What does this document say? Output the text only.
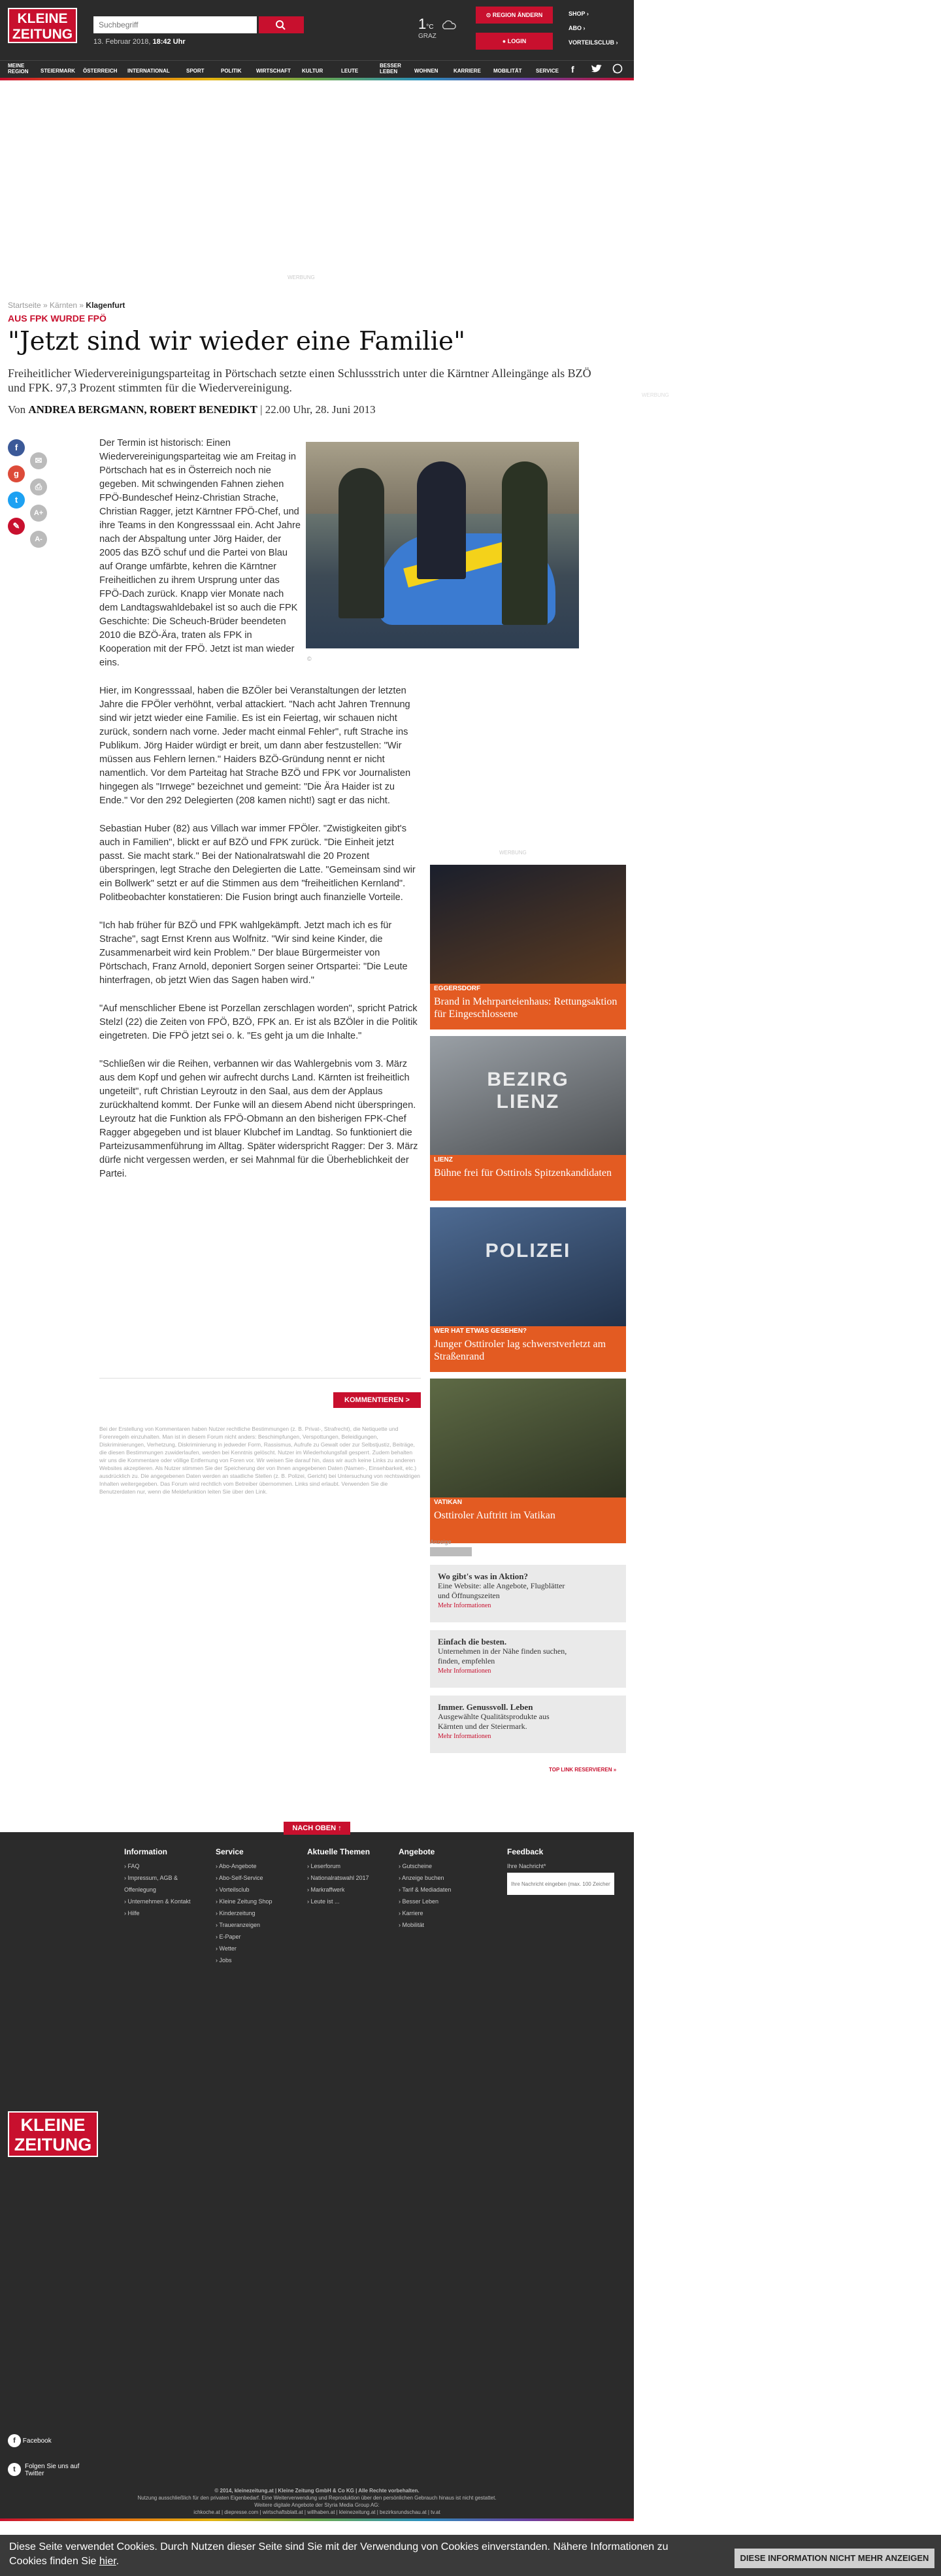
KLEINE
ZEITUNG
Suchbegriff	13. Februar 2018, 18:42 Uhr
1°C
GRAZ
⊙ REGION ÄNDERN
● LOGIN
SHOP ›
ABO ›
VORTEILSCLUB ›
MEINE
REGION STEIERMARK ÖSTERREICH INTERNATIONAL	SPORT	POLITIK	WIRTSCHAFT KULTUR	LEUTE
BESSER
LEBEN	WOHNEN	KARRIERE MOBILITÄT	SERVICE f
WERBUNG
WERBUNG
Startseite » Kärnten » Klagenfurt
AUS FPK WURDE FPÖ
"Jetzt sind wir wieder eine Familie"
Freiheitlicher Wiedervereinigungsparteitag in Pörtschach setzte einen Schlussstrich unter die Kärntner Alleingänge als BZÖ und FPK. 97,3 Prozent stimmten für die Wiedervereinigung.
Von ANDREA BERGMANN, ROBERT BENEDIKT | 22.00 Uhr, 28. Juni 2013
f
✉
g
⎙
t
A+
✎
A-
©

Der Termin ist historisch: Einen Wiedervereinigungsparteitag wie am Freitag in Pörtschach hat es in Österreich noch nie gegeben. Mit schwingenden Fahnen ziehen FPÖ-Bundeschef Heinz-Christian Strache, Christian Ragger, jetzt Kärntner FPÖ-Chef, und ihre Teams in den Kongresssaal ein. Acht Jahre nach der Abspaltung unter Jörg Haider, der 2005 das BZÖ schuf und die Partei von Blau auf Orange umfärbte, kehren die Kärntner Freiheitlichen zu ihrem Ursprung unter das FPÖ-Dach zurück. Knapp vier Monate nach dem Landtagswahldebakel ist so auch die FPK Geschichte: Die Scheuch-Brüder beendeten 2010 die BZÖ-Ära, traten als FPK in Kooperation mit der FPÖ. Jetzt ist man wieder eins.

Hier, im Kongresssaal, haben die BZÖler bei Veranstaltungen der letzten Jahre die FPÖler verhöhnt, verbal attackiert. "Nach acht Jahren Trennung sind wir jetzt wieder eine Familie. Es ist ein Feiertag, wir schauen nicht zurück, sondern nach vorne. Jeder macht einmal Fehler", ruft Strache ins Publikum. Jörg Haider würdigt er breit, um dann aber festzustellen: "Wir müssen aus Fehlern lernen." Haiders BZÖ-Gründung nennt er nicht namentlich. Vor dem Parteitag hat Strache BZÖ und FPK vor Journalisten hingegen als "Irrwege" bezeichnet und gemeint: "Die Ära Haider ist zu Ende." Vor den 292 Delegierten (208 kamen nicht!) sagt er das nicht.

Sebastian Huber (82) aus Villach war immer FPÖler. "Zwistigkeiten gibt's auch in Familien", blickt er auf BZÖ und FPK zurück. "Die Einheit jetzt passt. Sie macht stark." Bei der Nationalratswahl die 20 Prozent überspringen, legt Strache den Delegierten die Latte. "Gemeinsam sind wir ein Bollwerk" setzt er auf die Stimmen aus dem "freiheitlichen Kernland". Politbeobachter konstatieren: Die Fusion bringt auch finanzielle Vorteile.

"Ich hab früher für BZÖ und FPK wahlgekämpft. Jetzt mach ich es für Strache", sagt Ernst Krenn aus Wolfnitz. "Wir sind keine Kinder, die Zusammenarbeit wird kein Problem." Der blaue Bürgermeister von Pörtschach, Franz Arnold, deponiert Sorgen seiner Ortspartei: "Die Leute hinterfragen, ob jetzt Wien das Sagen haben wird."

"Auf menschlicher Ebene ist Porzellan zerschlagen worden", spricht Patrick Stelzl (22) die Zeiten von FPÖ, BZÖ, FPK an. Er ist als BZÖler in die Politik eingetreten. Die FPÖ jetzt sei o. k. "Es geht ja um die Inhalte."

"Schließen wir die Reihen, verbannen wir das Wahlergebnis vom 3. März aus dem Kopf und gehen wir aufrecht durchs Land. Kärnten ist freiheitlich ungeteilt", ruft Christian Leyroutz in den Saal, aus dem der Applaus zurückhaltend kommt. Der Funke will an diesem Abend nicht überspringen. Leyroutz hat die Funktion als FPÖ-Obmann an den bisherigen FPK-Chef Ragger abgegeben und ist blauer Klubchef im Landtag. So funktioniert die Parteizusammenführung im Alltag. Später widerspricht Ragger: Der 3. März dürfe nicht vergessen werden, er sei Mahnmal für die Überheblichkeit der Partei.

KOMMENTIEREN >
Bei der Erstellung von Kommentaren haben Nutzer rechtliche Bestimmungen (z. B. Privat-, Strafrecht), die Netiquette und Forenregeln einzuhalten. Man ist in diesem Forum nicht anders: Beschimpfungen, Verspottungen, Beleidigungen, Diskriminierungen, Verhetzung, Diskriminierung in jedweder Form, Rassismus, Aufrufe zu Gewalt oder zur Selbstjustiz, Beiträge, die diesen Bestimmungen zuwiderlaufen, werden bei Kenntnis gelöscht. Nutzer im Wiederholungsfall gesperrt. Zudem behalten wir uns die Kommentare oder völlige Entfernung von Foren vor. Wir weisen Sie darauf hin, dass wir auch keine Links zu anderen Websites akzeptieren. Als Nutzer stimmen Sie der Speicherung der von Ihnen angegebenen Daten (Namen-, Einsehbarkeit, etc.) ausdrücklich zu. Die angegebenen Daten werden an staatliche Stellen (z. B. Polizei, Gericht) bei Untersuchung von rechtswidrigen Inhalten weitergegeben. Das Forum wird rechtlich vom Betreiber übernommen. Links sind erlaubt. Verwenden Sie die Benutzerdaten nur, wenn die Meldefunktion leiten Sie über den Link.
WERBUNG
EGGERSDORF
Brand in Mehrparteienhaus: Rettungsaktion für Eingeschlossene
BEZIRG LIENZ
LIENZ
Bühne frei für Osttirols Spitzenkandidaten
POLIZEI
WER HAT ETWAS GESEHEN?
Junger Osttiroler lag schwerstverletzt am Straßenrand
VATIKAN
Osttiroler Auftritt im Vatikan
Anzeige
Wo gibt's was in Aktion?
Eine Website: alle Angebote, Flugblätter und Öffnungszeiten
Mehr Informationen
Einfach die besten.
Unternehmen in der Nähe finden suchen, finden, empfehlen
Mehr Informationen
Immer. Genussvoll. Leben
Ausgewählte Qualitätsprodukte aus Kärnten und der Steiermark.
Mehr Informationen
TOP LINK RESERVIEREN »
NACH OBEN ↑
Information
› FAQ
› Impressum, AGB & Offenlegung
› Unternehmen & Kontakt
› Hilfe
Service
› Abo-Angebote
› Abo-Self-Service
› Vorteilsclub
› Kleine Zeitung Shop
› Kinderzeitung
› Traueranzeigen
› E-Paper
› Wetter
› Jobs
Aktuelle Themen
› Leserforum
› Nationalratswahl 2017
› Markraffwerk
› Leute ist ...
Angebote
› Gutscheine
› Anzeige buchen
› Tarif & Mediadaten
› Besser Leben
› Karriere
› Mobilität
Feedback
Ihre Nachricht*
Ihre Nachricht eingeben (max. 100 Zeichen)
KLEINE
ZEITUNG
f Facebook
t	Folgen Sie uns auf Twitter
© 2014, kleinezeitung.at | Kleine Zeitung GmbH & Co KG | Alle Rechte vorbehalten.
Nutzung ausschließlich für den privaten Eigenbedarf. Eine Weiterverwendung und Reproduktion über den persönlichen Gebrauch hinaus ist nicht gestattet.
Weitere digitale Angebote der Styria Media Group AG:
ichkoche.at | diepresse.com | wirtschaftsblatt.at | willhaben.at | kleinezeitung.at | bezirksrundschau.at | tv.at
Diese Seite verwendet Cookies. Durch Nutzen dieser Seite sind Sie mit der Verwendung von Cookies einverstanden. Nähere Informationen zu Cookies finden Sie hier.	DIESE INFORMATION NICHT MEHR ANZEIGEN
